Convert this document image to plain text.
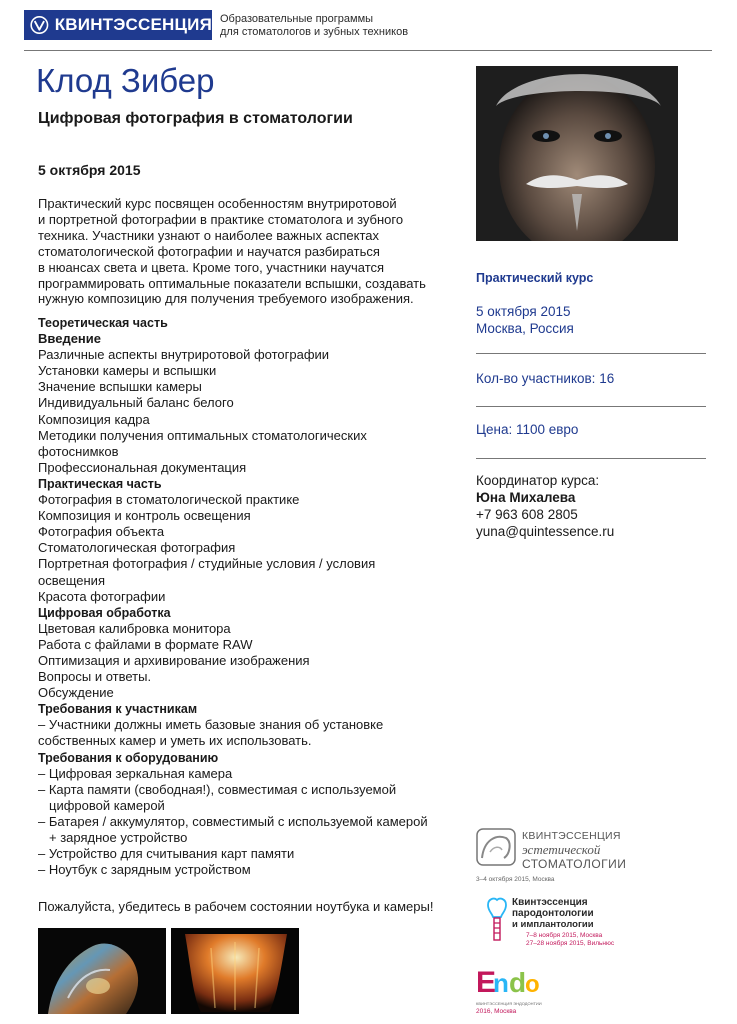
КВИНТЭССЕНЦИЯ Образовательные программы
для стоматологов и зубных техников
Клод Зибер
Цифровая фотография в стоматологии
5 октября 2015
Практический курс посвящен особенностям внутриротовой
и портретной фотографии в практике стоматолога и зубного
техника. Участники узнают о наиболее важных аспектах
стоматологической фотографии и научатся разбираться
в нюансах света и цвета. Кроме того, участники научатся
программировать оптимальные показатели вспышки, создавать
нужную композицию для получения требуемого изображения.
Теоретическая часть
Введение
Различные аспекты внутриротовой фотографии
Установки камеры и вспышки
Значение вспышки камеры
Индивидуальный баланс белого
Композиция кадра
Методики получения оптимальных стоматологических
фотоснимков
Профессиональная документация
Практическая часть
Фотография в стоматологической практике
Композиция и контроль освещения
Фотография объекта
Стоматологическая фотография
Портретная фотография / студийные условия / условия
освещения
Красота фотографии
Цифровая обработка
Цветовая калибровка монитора
Работа с файлами в формате RAW
Оптимизация и архивирование изображения
Вопросы и ответы.
Обсуждение
Требования к участникам
– Участники должны иметь базовые знания об установке
собственных камер и уметь их использовать.
Требования к оборудованию
– Цифровая зеркальная камера
– Карта памяти (свободная!), совместимая с используемой
цифровой камерой
– Батарея / аккумулятор, совместимый с используемой камерой
+ зарядное устройство
– Устройство для считывания карт памяти
– Ноутбук с зарядным устройством
Пожалуйста, убедитесь в рабочем состоянии ноутбука и камеры!
Практический курс
5 октября 2015
Москва, Россия
Кол-во участников: 16
Цена: 1100 евро
Координатор курса:
Юна Михалева
+7 963 608 2805
yuna@quintessence.ru
КВИНТЭССЕНЦИЯ
эстетической
СТОМАТОЛОГИИ
3–4 октября 2015, Москва
Квинтэссенция
пародонтологии
и имплантологии
7–8 ноября 2015, Москва
27–28 ноября 2015, Вильнюс
E
n d
o
КВИНТЭССЕНЦИЯ ЭНДОДОНТИИ
2016, Москва
